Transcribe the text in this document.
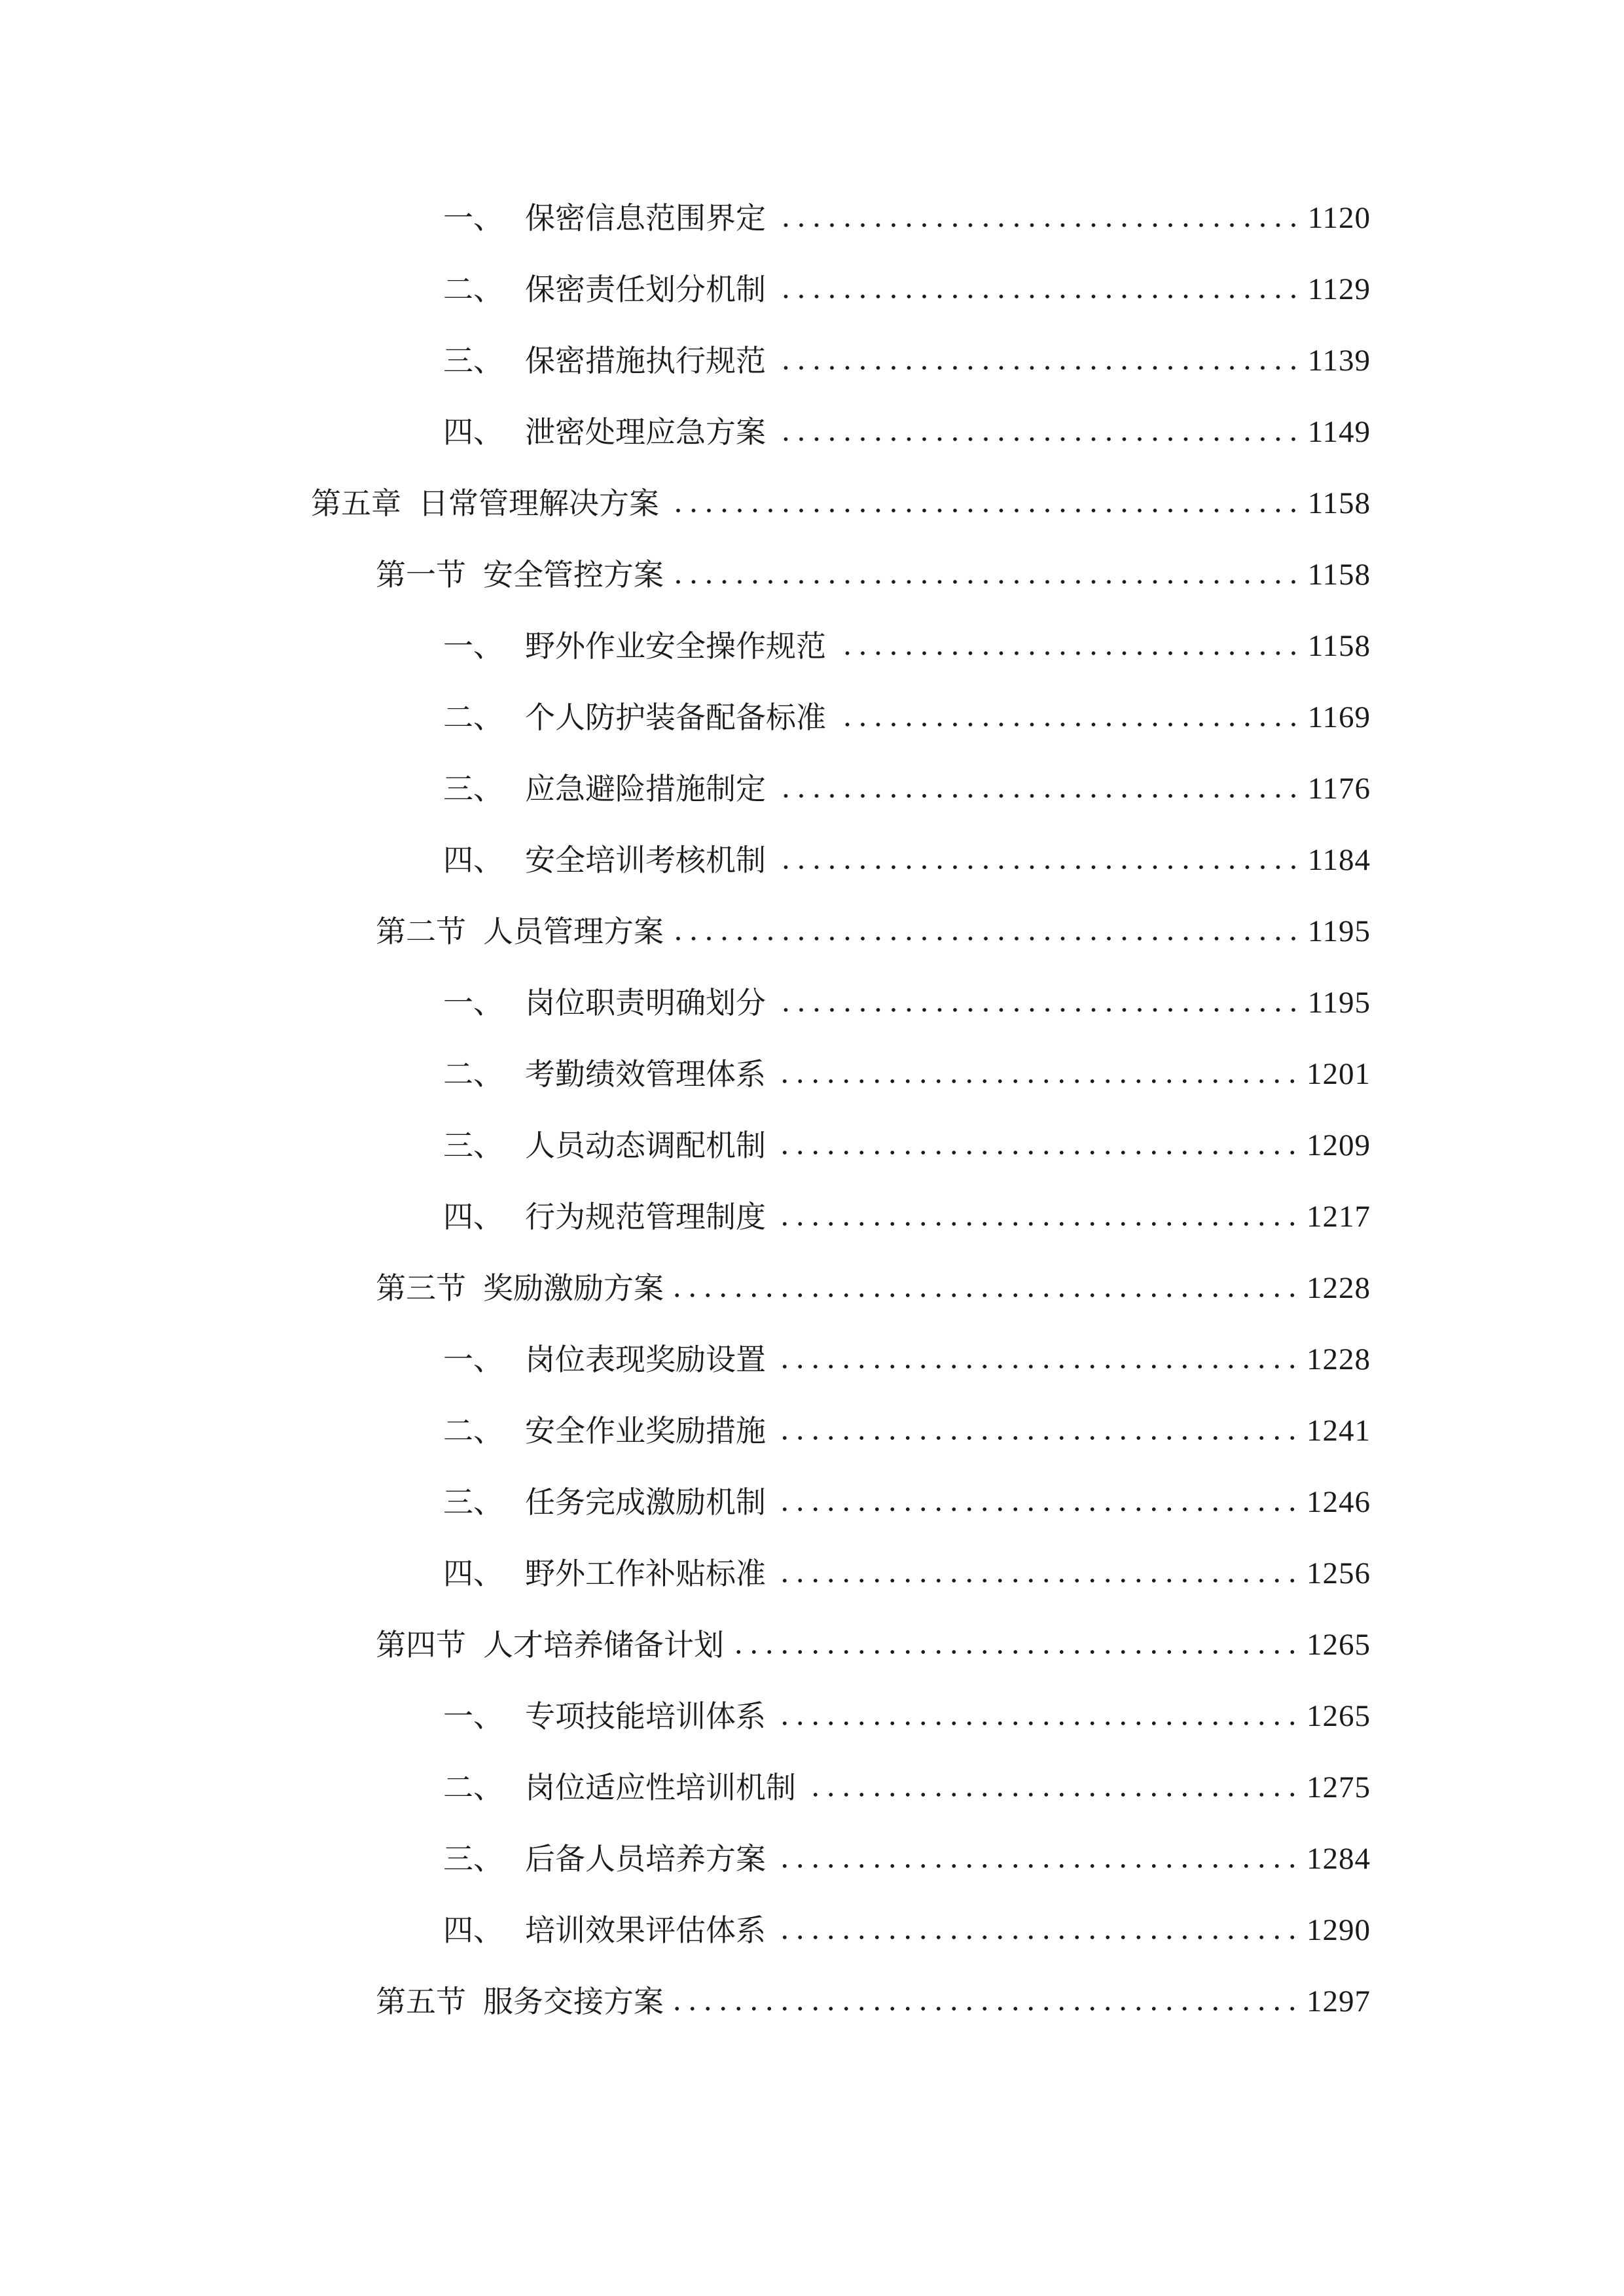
一、 保密信息范围界定	1120
二、 保密责任划分机制	1129
三、 保密措施执行规范	1139
四、 泄密处理应急方案	1149
第五章 日常管理解决方案	1158
第一节 安全管控方案	1158
一、 野外作业安全操作规范	1158
二、 个人防护装备配备标准	1169
三、 应急避险措施制定	1176
四、 安全培训考核机制	1184
第二节 人员管理方案	1195
一、 岗位职责明确划分	1195
二、 考勤绩效管理体系	1201
三、 人员动态调配机制	1209
四、 行为规范管理制度	1217
第三节 奖励激励方案	1228
一、 岗位表现奖励设置	1228
二、 安全作业奖励措施	1241
三、 任务完成激励机制	1246
四、 野外工作补贴标准	1256
第四节 人才培养储备计划	1265
一、 专项技能培训体系	1265
二、 岗位适应性培训机制	1275
三、 后备人员培养方案	1284
四、 培训效果评估体系	1290
第五节 服务交接方案	1297
